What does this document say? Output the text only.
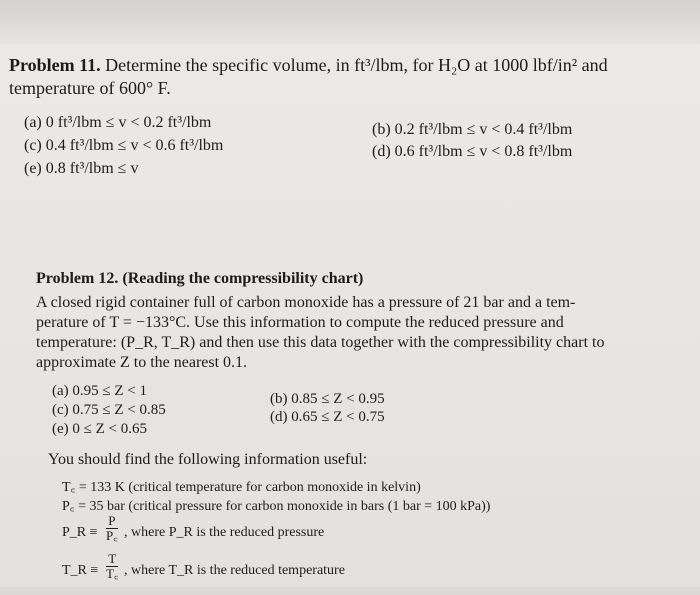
Problem 11. Determine the specific volume, in ft³/lbm, for H₂O at 1000 lbf/in² and
temperature of 600° F.
(a) 0 ft³/lbm ≤ v < 0.2 ft³/lbm	(b) 0.2 ft³/lbm ≤ v < 0.4 ft³/lbm
(c) 0.4 ft³/lbm ≤ v < 0.6 ft³/lbm	(d) 0.6 ft³/lbm ≤ v < 0.8 ft³/lbm
(e) 0.8 ft³/lbm ≤ v
Problem 12. (Reading the compressibility chart)
A closed rigid container full of carbon monoxide has a pressure of 21 bar and a tem-
perature of T = −133°C. Use this information to compute the reduced pressure and
temperature: (P_R, T_R) and then use this data together with the compressibility chart to
approximate Z to the nearest 0.1.
(a) 0.95 ≤ Z < 1	(b) 0.85 ≤ Z < 0.95
(c) 0.75 ≤ Z < 0.85	(d) 0.65 ≤ Z < 0.75
(e) 0 ≤ Z < 0.65
You should find the following information useful:
T꜀ = 133 K (critical temperature for carbon monoxide in kelvin)
P꜀ = 35 bar (critical pressure for carbon monoxide in bars (1 bar = 100 kPa))
P_R ≡ $\frac{P}{P꜀}$ , where P_R is the reduced pressure
T_R ≡ $\frac{T}{T꜀}$ , where T_R is the reduced temperature
